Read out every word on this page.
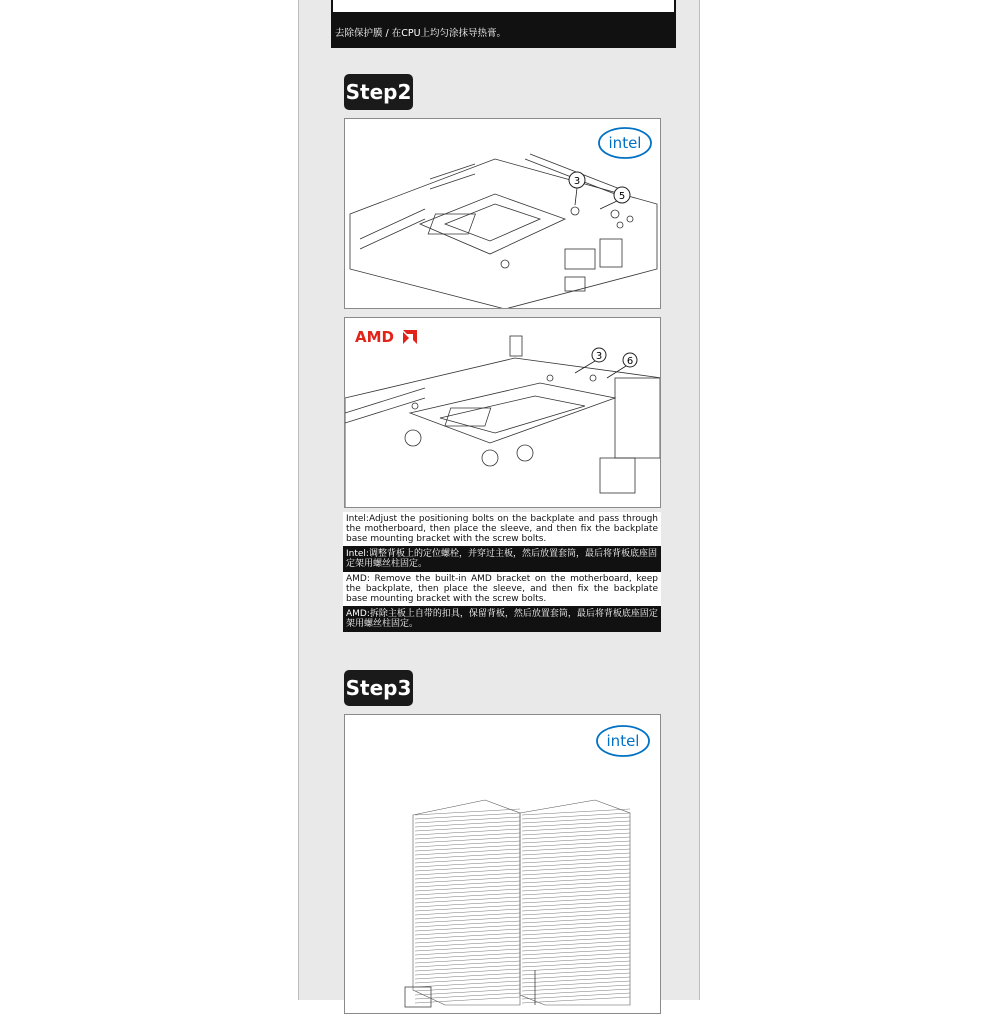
去除保护膜 / 在CPU上均匀涂抹导热膏。
Step2
3
5
intel
3 6
AMD
Intel:Adjust the positioning bolts on the backplate and pass through the motherboard, then place the sleeve, and then fix the backplate base mounting bracket with the screw bolts.
Intel:调整背板上的定位螺栓，并穿过主板，然后放置套筒，最后将背板底座固定架用螺丝柱固定。
AMD: Remove the built-in AMD bracket on the motherboard, keep the backplate, then place the sleeve, and then fix the backplate base mounting bracket with the screw bolts.
AMD:拆除主板上自带的扣具，保留背板，然后放置套筒，最后将背板底座固定架用螺丝柱固定。
Step3
intel
